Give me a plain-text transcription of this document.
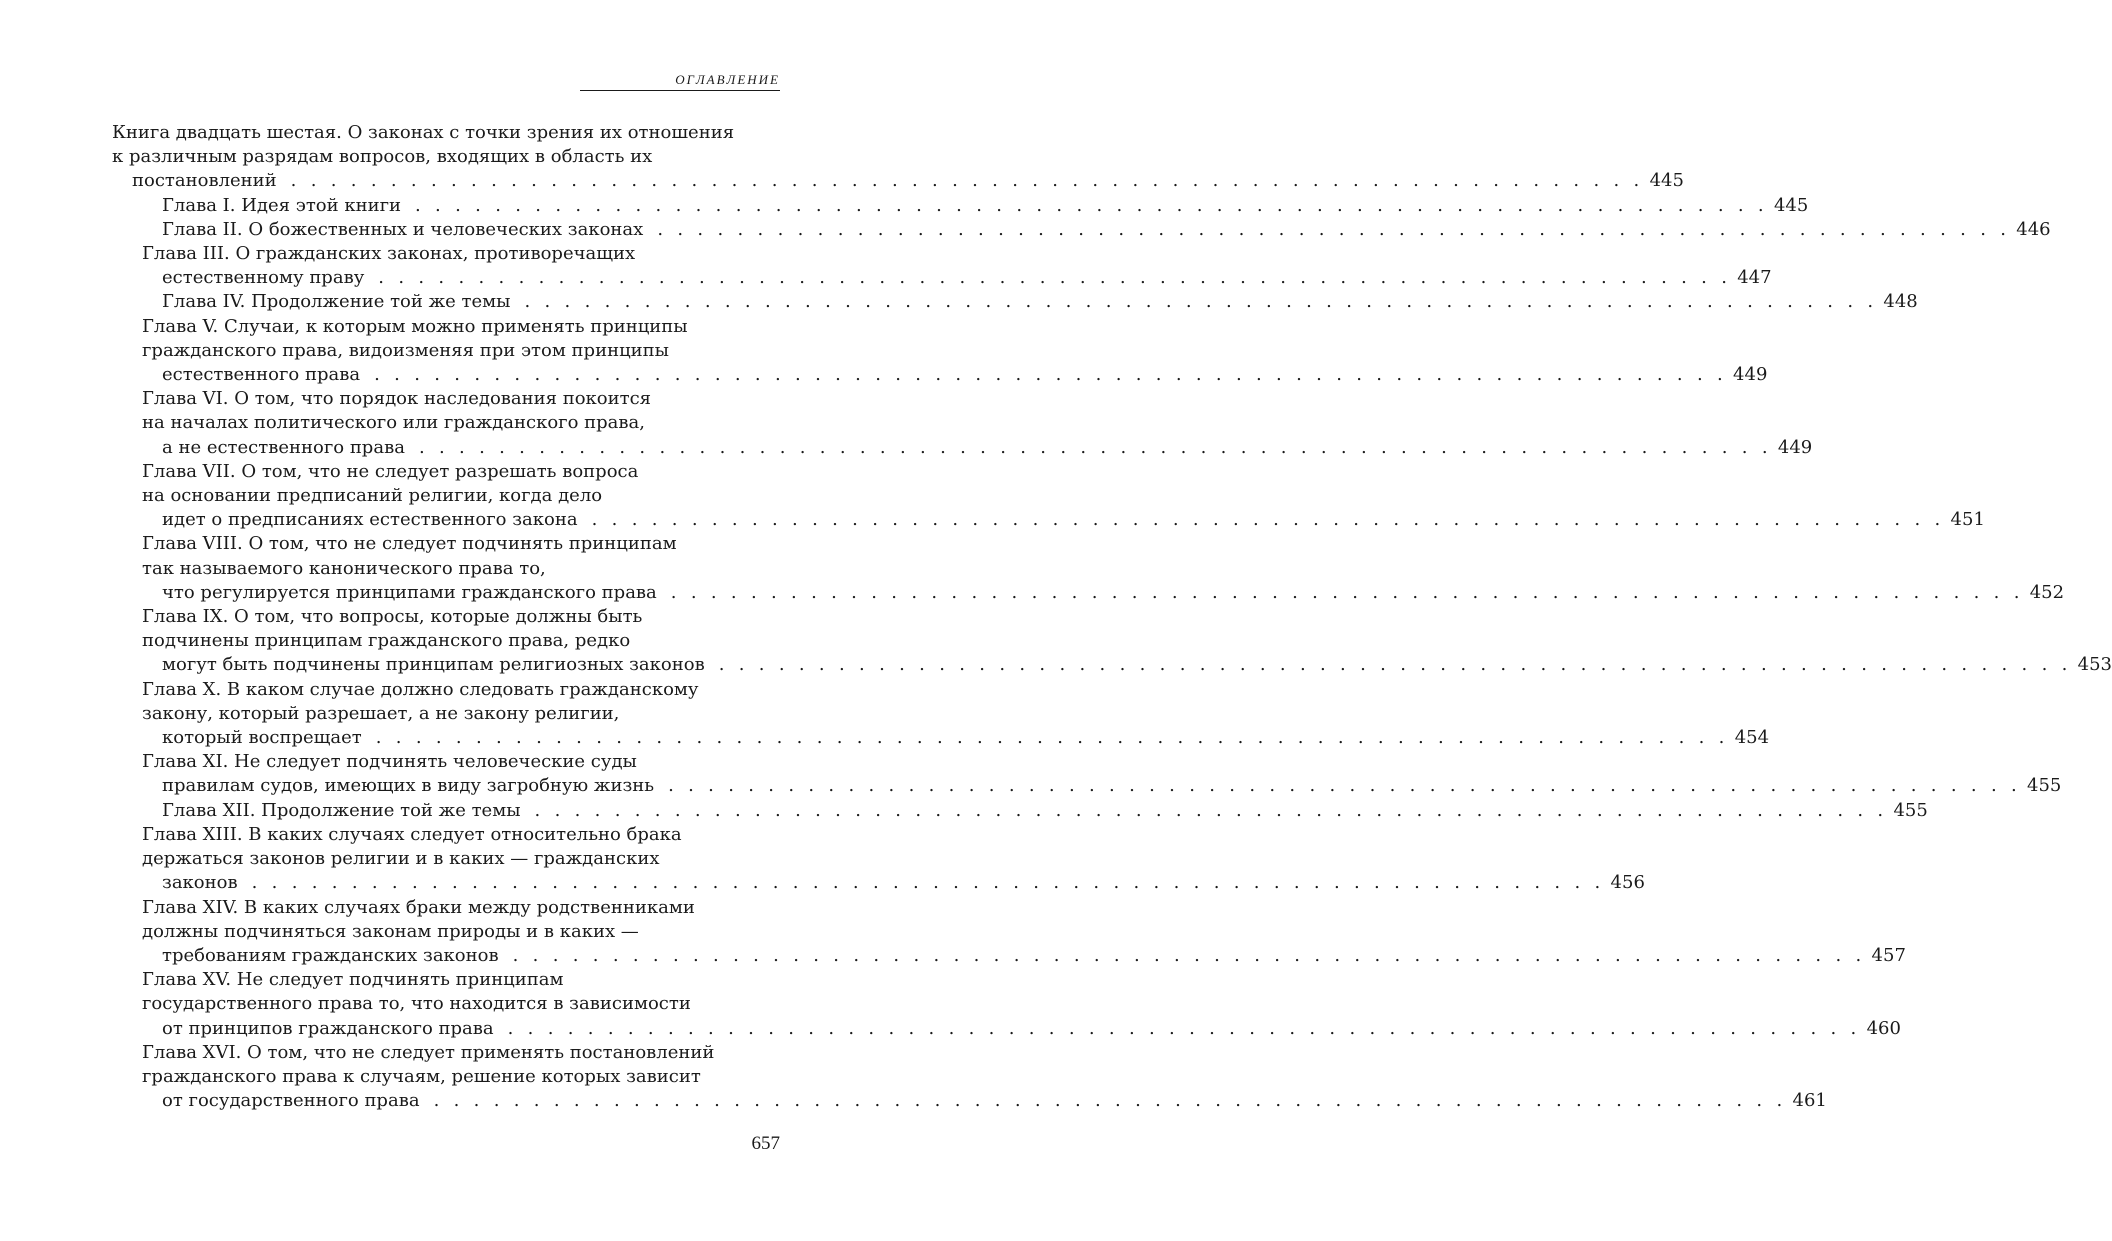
ОГЛАВЛЕНИЕ
Книга двадцать шестая. О законах с точки зрения их отношения
к различным разрядам вопросов, входящих в область их
постановлений . . . . . . . . . . . . . . . . . . . . . . . . . . . . . . . . . . . . . . . . . . . . . . . . . . . . . . . . . . . . . . . . . . . . 445
Глава I. Идея этой книги . . . . . . . . . . . . . . . . . . . . . . . . . . . . . . . . . . . . . . . . . . . . . . . . . . . . . . . . . . . . . . . . . . . . 445
Глава II. О божественных и человеческих законах . . . . . . . . . . . . . . . . . . . . . . . . . . . . . . . . . . . . . . . . . . . . . . . . . . . . . . . . . . . . . . . . . . . . 446
Глава III. О гражданских законах, противоречащих
естественному праву . . . . . . . . . . . . . . . . . . . . . . . . . . . . . . . . . . . . . . . . . . . . . . . . . . . . . . . . . . . . . . . . . . . . 447
Глава IV. Продолжение той же темы . . . . . . . . . . . . . . . . . . . . . . . . . . . . . . . . . . . . . . . . . . . . . . . . . . . . . . . . . . . . . . . . . . . . 448
Глава V. Случаи, к которым можно применять принципы
гражданского права, видоизменяя при этом принципы
естественного права . . . . . . . . . . . . . . . . . . . . . . . . . . . . . . . . . . . . . . . . . . . . . . . . . . . . . . . . . . . . . . . . . . . . 449
Глава VI. О том, что порядок наследования покоится
на началах политического или гражданского права,
а не естественного права . . . . . . . . . . . . . . . . . . . . . . . . . . . . . . . . . . . . . . . . . . . . . . . . . . . . . . . . . . . . . . . . . . . . 449
Глава VII. О том, что не следует разрешать вопроса
на основании предписаний религии, когда дело
идет о предписаниях естественного закона . . . . . . . . . . . . . . . . . . . . . . . . . . . . . . . . . . . . . . . . . . . . . . . . . . . . . . . . . . . . . . . . . . . . 451
Глава VIII. О том, что не следует подчинять принципам
так называемого канонического права то,
что регулируется принципами гражданского права . . . . . . . . . . . . . . . . . . . . . . . . . . . . . . . . . . . . . . . . . . . . . . . . . . . . . . . . . . . . . . . . . . . . 452
Глава IX. О том, что вопросы, которые должны быть
подчинены принципам гражданского права, редко
могут быть подчинены принципам религиозных законов . . . . . . . . . . . . . . . . . . . . . . . . . . . . . . . . . . . . . . . . . . . . . . . . . . . . . . . . . . . . . . . . . . . . 453
Глава X. В каком случае должно следовать гражданскому
закону, который разрешает, а не закону религии,
который воспрещает . . . . . . . . . . . . . . . . . . . . . . . . . . . . . . . . . . . . . . . . . . . . . . . . . . . . . . . . . . . . . . . . . . . . 454
Глава XI. Не следует подчинять человеческие суды
правилам судов, имеющих в виду загробную жизнь . . . . . . . . . . . . . . . . . . . . . . . . . . . . . . . . . . . . . . . . . . . . . . . . . . . . . . . . . . . . . . . . . . . . 455
Глава XII. Продолжение той же темы . . . . . . . . . . . . . . . . . . . . . . . . . . . . . . . . . . . . . . . . . . . . . . . . . . . . . . . . . . . . . . . . . . . . 455
Глава XIII. В каких случаях следует относительно брака
держаться законов религии и в каких — гражданских
законов . . . . . . . . . . . . . . . . . . . . . . . . . . . . . . . . . . . . . . . . . . . . . . . . . . . . . . . . . . . . . . . . . . . . 456
Глава XIV. В каких случаях браки между родственниками
должны подчиняться законам природы и в каких —
требованиям гражданских законов . . . . . . . . . . . . . . . . . . . . . . . . . . . . . . . . . . . . . . . . . . . . . . . . . . . . . . . . . . . . . . . . . . . . 457
Глава XV. Не следует подчинять принципам
государственного права то, что находится в зависимости
от принципов гражданского права . . . . . . . . . . . . . . . . . . . . . . . . . . . . . . . . . . . . . . . . . . . . . . . . . . . . . . . . . . . . . . . . . . . . 460
Глава XVI. О том, что не следует применять постановлений
гражданского права к случаям, решение которых зависит
от государственного права . . . . . . . . . . . . . . . . . . . . . . . . . . . . . . . . . . . . . . . . . . . . . . . . . . . . . . . . . . . . . . . . . . . . 461
657
